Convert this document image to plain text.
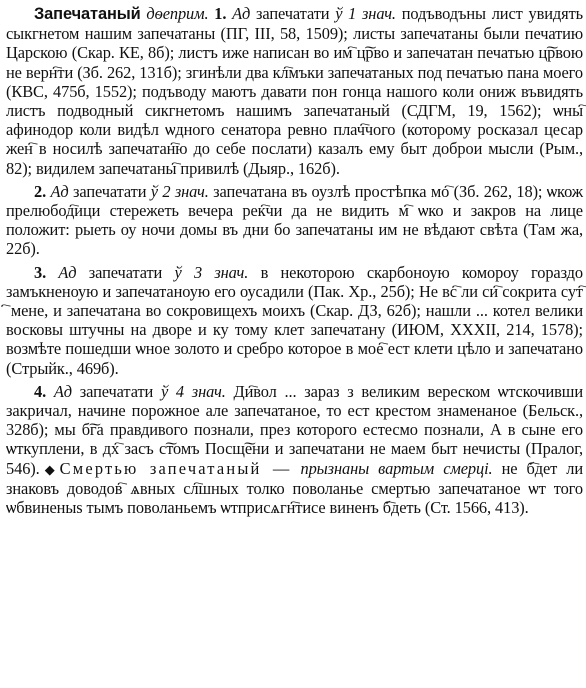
Запечатаный дѳеприм. 1. Ад запечатати ў 1 знач. подъводъны лист увидять сыкгнетом нашим запечатаны (ПГ, III, 58, 1509); листы запечатаны были печатию Царскою (Скар. КЕ, 8б); листъ иже написан во им҇ ц͠рво и запечатан печатью ц͠рвою не верн҇ти (Зб. 262, 131б); згинѣли два кл҇мъки запечатаных под печатью пана моего (КВС, 475б, 1552); подъводу маютъ давати пон гонца нашого коли ониж въвидять листъ подводный сикгнетомъ нашимъ запечатаный (СДГМ, 19, 1562); ѡны҇ афинодор коли видѣл ѡдного сенатора ревно плач҇чого (которому росказал цесар жен҇ в носилѣ запечатан҇ю до себе послати) казалъ ему быт доброи мысли (Рым., 82); видилем запечатаны҇ привилѣ (Дыяр., 162б).

2. Ад запечатати ў 2 знач. запечатана въ оузлѣ простѣпка мо҇ (Зб. 262, 18); ѡкож прелюбод҇ици стережеть вечера рек҇чи да не видить м҇ ѡко и закров на лице положит: рыеть оу ночи домы въ дни бо запечатаны им не вѣдают свѣта (Там жа, 22б).

3. Ад запечатати ў 3 знач. в некоторою скарбоноую комороу гораздо замъкненоую и запечатаноую его оусадили (Пак. Хр., 25б); Не вс҇ ли си҇ сокрита сут҇ ҇ мене, и запечатана во сокровищехъ моихъ (Скар. ДЗ, 62б); нашли ... котел велики восковы штучны на дворе и ку тому клет запечатану (ИЮМ, XXXII, 214, 1578); возмѣте пошедши ѡное золото и сребро которое в мое҇ ест клети цѣло и запечатано (Стрыйк., 469б).

4. Ад запечатати ў 4 знач. Ди҇вол ... зараз з великим вереском ѡтскочивши закричал, начине порожное але запечатаное, то ест крестом знаменаное (Бельск., 328б); мы б͠га правдивого познали, през которого естесмо познали, А в сыне его ѡткуплени, в дх҇ засъ с͠томъ Посщ͠ени и запечатани не маем быт нечисты (Пралог, 546).◆Смертью запечатаный — прызнаны вартым смерці. не б҇дет ли знаковъ доводов҇ ѧвных сл҇шных толко поволанье смертью запечатаное ѡт того ѡбвиненыѕ тымъ поволаньемъ ѡтприсѧгн҇тисе виненъ б҇деть (Ст. 1566, 413).
